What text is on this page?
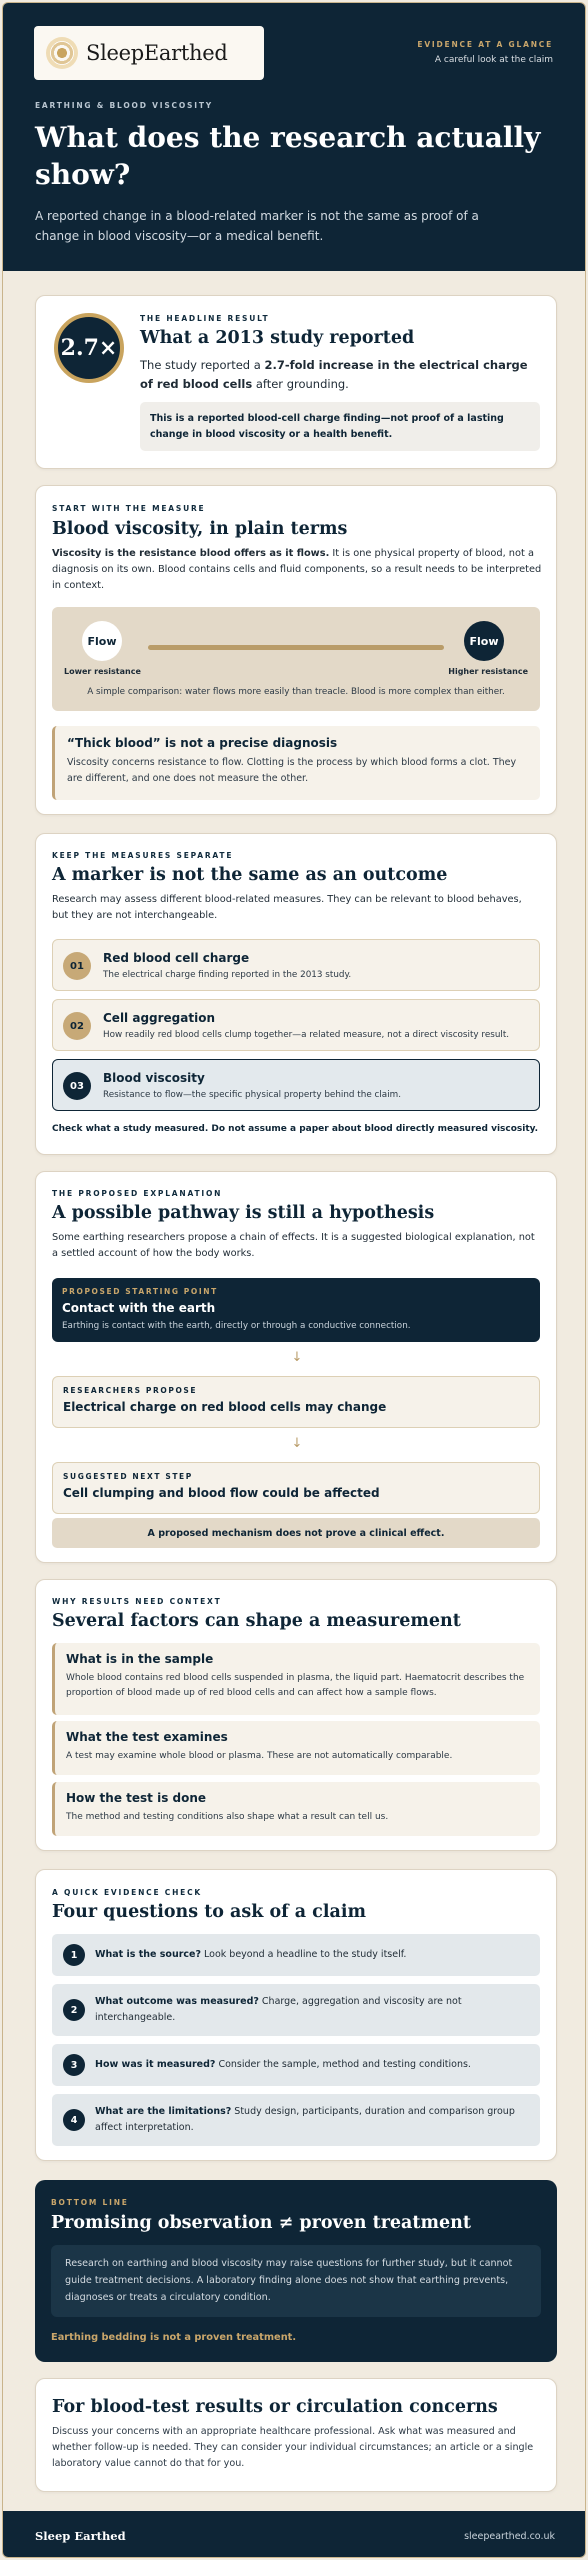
SleepEarthed	EVIDENCE AT A GLANCE
A careful look at the claim
EARTHING & BLOOD VISCOSITY
What does the research actually show?

A reported change in a blood-related marker is not the same as proof of a change in blood viscosity—or a medical benefit.

2.7×
THE HEADLINE RESULT
What a 2013 study reported

The study reported a 2.7-fold increase in the electrical charge of red blood cells after grounding.

This is a reported blood-cell charge finding—not proof of a lasting change in blood viscosity or a health benefit.
START WITH THE MEASURE
Blood viscosity, in plain terms

Viscosity is the resistance blood offers as it flows. It is one physical property of blood, not a diagnosis on its own. Blood contains cells and fluid components, so a result needs to be interpreted in context.

Flow	Flow
Lower resistance	Higher resistance
A simple comparison: water flows more easily than treacle. Blood is more complex than either.
“Thick blood” is not a precise diagnosis

Viscosity concerns resistance to flow. Clotting is the process by which blood forms a clot. They are different, and one does not measure the other.

KEEP THE MEASURES SEPARATE
A marker is not the same as an outcome

Research may assess different blood-related measures. They can be relevant to blood behaves, but they are not interchangeable.

01
Red blood cell charge
The electrical charge finding reported in the 2013 study.
02
Cell aggregation
How readily red blood cells clump together—a related measure, not a direct viscosity result.
03
Blood viscosity
Resistance to flow—the specific physical property behind the claim.
Check what a study measured. Do not assume a paper about blood directly measured viscosity.
THE PROPOSED EXPLANATION
A possible pathway is still a hypothesis

Some earthing researchers propose a chain of effects. It is a suggested biological explanation, not a settled account of how the body works.

PROPOSED STARTING POINT
Contact with the earth
Earthing is contact with the earth, directly or through a conductive connection.
↓
RESEARCHERS PROPOSE
Electrical charge on red blood cells may change
↓
SUGGESTED NEXT STEP
Cell clumping and blood flow could be affected
A proposed mechanism does not prove a clinical effect.
WHY RESULTS NEED CONTEXT
Several factors can shape a measurement
What is in the sample
Whole blood contains red blood cells suspended in plasma, the liquid part. Haematocrit describes the proportion of blood made up of red blood cells and can affect how a sample flows.
What the test examines
A test may examine whole blood or plasma. These are not automatically comparable.
How the test is done
The method and testing conditions also shape what a result can tell us.
A QUICK EVIDENCE CHECK
Four questions to ask of a claim
1	What is the source? Look beyond a headline to the study itself.
2
What outcome was measured? Charge, aggregation and viscosity are not interchangeable.
3	How was it measured? Consider the sample, method and testing conditions.
4
What are the limitations? Study design, participants, duration and comparison group affect interpretation.
BOTTOM LINE
Promising observation ≠ proven treatment
Research on earthing and blood viscosity may raise questions for further study, but it cannot guide treatment decisions. A laboratory finding alone does not show that earthing prevents, diagnoses or treats a circulatory condition.
Earthing bedding is not a proven treatment.
For blood-test results or circulation concerns

Discuss your concerns with an appropriate healthcare professional. Ask what was measured and whether follow-up is needed. They can consider your individual circumstances; an article or a single laboratory value cannot do that for you.

Sleep Earthed	sleepearthed.co.uk
